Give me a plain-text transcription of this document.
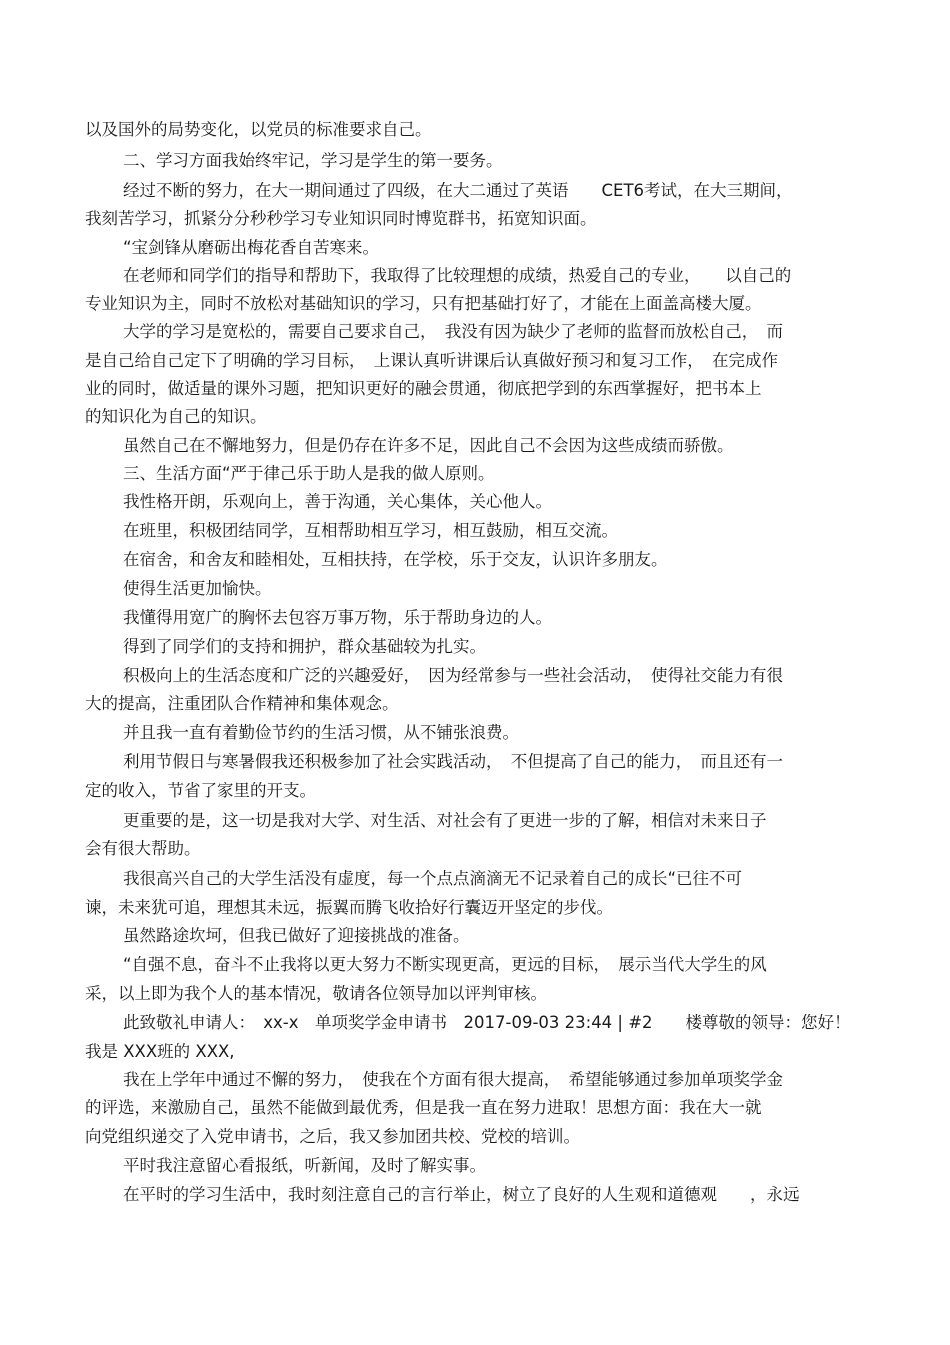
以及国外的局势变化，以党员的标准要求自己。
二、学习方面我始终牢记，学习是学生的第一要务。
经过不断的努力，在大一期间通过了四级，在大二通过了英语　　CET6考试，在大三期间，
我刻苦学习，抓紧分分秒秒学习专业知识同时博览群书，拓宽知识面。
“宝剑锋从磨砺出梅花香自苦寒来。
在老师和同学们的指导和帮助下，我取得了比较理想的成绩，热爱自己的专业，　　以自己的
专业知识为主，同时不放松对基础知识的学习，只有把基础打好了，才能在上面盖高楼大厦。
大学的学习是宽松的，需要自己要求自己，　我没有因为缺少了老师的监督而放松自己，　而
是自己给自己定下了明确的学习目标，　上课认真听讲课后认真做好预习和复习工作，　在完成作
业的同时，做适量的课外习题，把知识更好的融会贯通，彻底把学到的东西掌握好，把书本上
的知识化为自己的知识。
虽然自己在不懈地努力，但是仍存在许多不足，因此自己不会因为这些成绩而骄傲。
三、生活方面“严于律己乐于助人是我的做人原则。
我性格开朗，乐观向上，善于沟通，关心集体，关心他人。
在班里，积极团结同学，互相帮助相互学习，相互鼓励，相互交流。
在宿舍，和舍友和睦相处，互相扶持，在学校，乐于交友，认识许多朋友。
使得生活更加愉快。
我懂得用宽广的胸怀去包容万事万物，乐于帮助身边的人。
得到了同学们的支持和拥护，群众基础较为扎实。
积极向上的生活态度和广泛的兴趣爱好，　因为经常参与一些社会活动，　使得社交能力有很
大的提高，注重团队合作精神和集体观念。
并且我一直有着勤俭节约的生活习惯，从不铺张浪费。
利用节假日与寒暑假我还积极参加了社会实践活动，　不但提高了自己的能力，　而且还有一
定的收入，节省了家里的开支。
更重要的是，这一切是我对大学、对生活、对社会有了更进一步的了解，相信对未来日子
会有很大帮助。
我很高兴自己的大学生活没有虚度，每一个点点滴滴无不记录着自己的成长“已往不可
谏，未来犹可追，理想其未远，振翼而腾飞收拾好行囊迈开坚定的步伐。
虽然路途坎坷，但我已做好了迎接挑战的准备。
“自强不息，奋斗不止我将以更大努力不断实现更高，更远的目标，　展示当代大学生的风
采，以上即为我个人的基本情况，敬请各位领导加以评判审核。
此致敬礼申请人：　xx-x　单项奖学金申请书　2017-09-03 23:44 | #2　　楼尊敬的领导：您好！
我是 XXX班的 XXX,
我在上学年中通过不懈的努力，　使我在个方面有很大提高，　希望能够通过参加单项奖学金
的评选，来激励自己，虽然不能做到最优秀，但是我一直在努力进取！思想方面：我在大一就
向党组织递交了入党申请书，之后，我又参加团共校、党校的培训。
平时我注意留心看报纸，听新闻，及时了解实事。
在平时的学习生活中，我时刻注意自己的言行举止，树立了良好的人生观和道德观　　，永远
